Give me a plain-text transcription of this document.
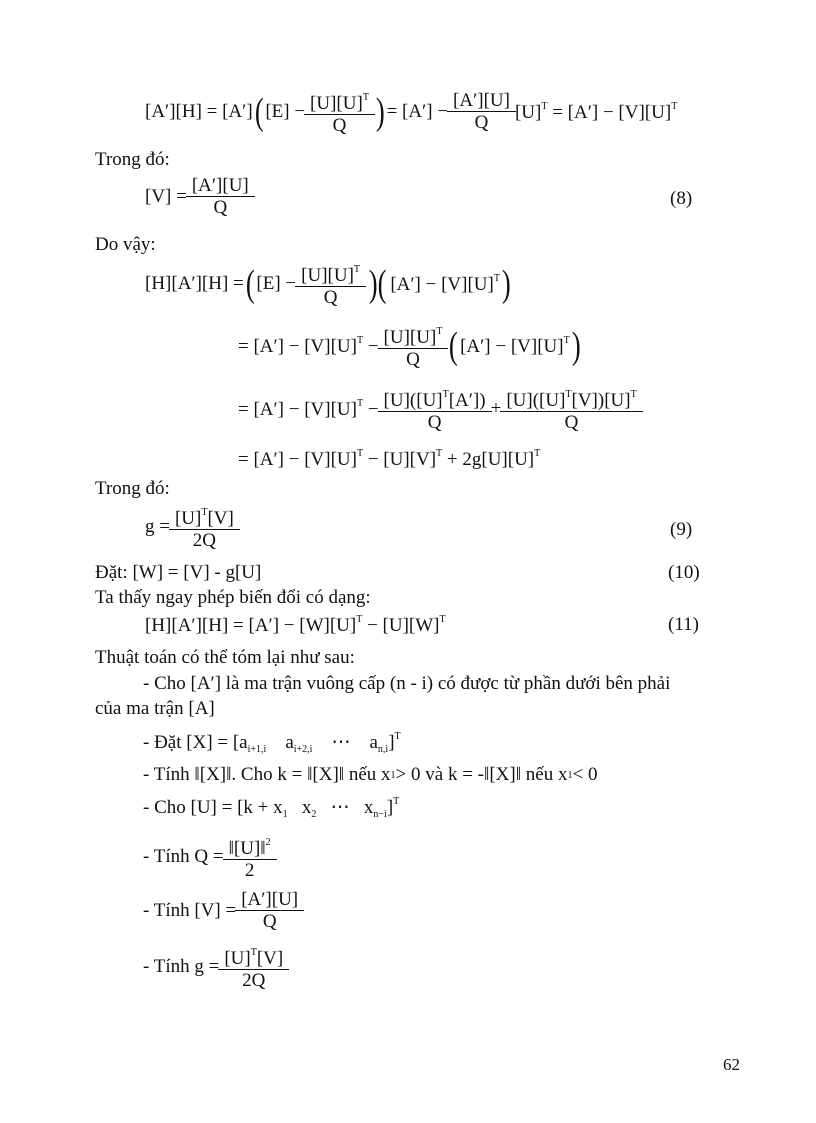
[A′][H] = [A′] ( $[E] - \frac{[U][U]^T}{Q}$ ) = $[A'] - \frac{[A'][U]}{Q} [U]^T = [A'] - [V][U]^T$
Trong đó:
$[V] = \frac{[A'][U]}{Q}$	(8)
Do vậy:
[H][A′][H] = ( $[E] - \frac{[U][U]^T}{Q}$ )( $[A'] - [V][U]^T$ )
= $[A'] - [V][U]^T - \frac{[U][U]^T}{Q}$ ( $[A'] - [V][U]^T$ )
= $[A'] - [V][U]^T - \frac{[U]([U]^T[A'])}{Q} + \frac{[U]([U]^T[V])[U]^T}{Q}$
= $[A'] - [V][U]^T - [U][V]^T + 2g[U][U]^T$
Trong đó:
$g = \frac{[U]^T[V]}{2Q}$	(9)
Đặt: [W] = [V] - g[U]	(10)
Ta thấy ngay phép biến đổi có dạng:
$[H][A'][H] = [A'] - [W][U]^T - [U][W]^T$	(11)
Thuật toán có thể tóm lại như sau:
- Cho [A′] là ma trận vuông cấp (n - i) có được từ phần dưới bên phải
của ma trận [A]
- Đặt $[X] = [a_{i+1,i}$    $a_{i+2,i}$    ⋯    $a_{n,i}]^T$
- Tính ‖[X]‖ . Cho k = ‖[X]‖ nếu x 1 > 0 và k = - ‖[X]‖ nếu x 1 < 0
- Cho $[U] = [k + x_1$   $x_2$   ⋯   $x_{n-i}]^T$
- Tính $Q = \frac{‖[U]‖^2}{2}$
- Tính $[V] = \frac{[A'][U]}{Q}$
- Tính $g = \frac{[U]^T[V]}{2Q}$
62
